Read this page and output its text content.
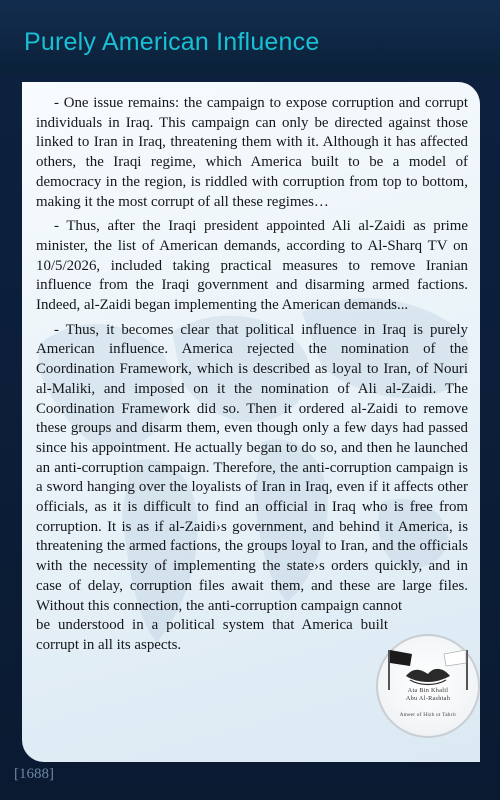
Purely American Influence

- One issue remains: the campaign to expose corruption and corrupt individuals in Iraq. This campaign can only be directed against those linked to Iran in Iraq, threatening them with it. Although it has affected others, the Iraqi regime, which America built to be a model of democracy in the region, is riddled with corruption from top to bottom, making it the most corrupt of all these regimes…

- Thus, after the Iraqi president appointed Ali al-Zaidi as prime minister, the list of American demands, according to Al-Sharq TV on 10/5/2026, included taking practical measures to remove Iranian influence from the Iraqi government and disarming armed factions. Indeed, al-Zaidi began implementing the American demands...

- Thus, it becomes clear that political influence in Iraq is purely American influence. America rejected the nomination of the Coordination Framework, which is described as loyal to Iran, of Nouri al-Maliki, and imposed on it the nomination of Ali al-Zaidi. The Coordination Framework did so. Then it ordered al-Zaidi to remove these groups and disarm them, even though only a few days had passed since his appointment. He actually began to do so, and then he launched an anti-corruption campaign. Therefore, the anti-corruption campaign is a sword hanging over the loyalists of Iran in Iraq, even if it affects other officials, as it is difficult to find an official in Iraq who is free from corruption. It is as if al-Zaidi›s government, and behind it America, is threatening the armed factions, the groups loyal to Iran, and the officials with the necessity of implementing the state›s orders quickly, and in case of delay, corruption files await them, and these are large files. Without this connection, the anti-corruption campaign cannot

be understood in a political system that America built corrupt in all its aspects.

Ata Bin Khalil
Abu Al-Rashtah
Ameer of Hizb ut Tahrir
[1688]
